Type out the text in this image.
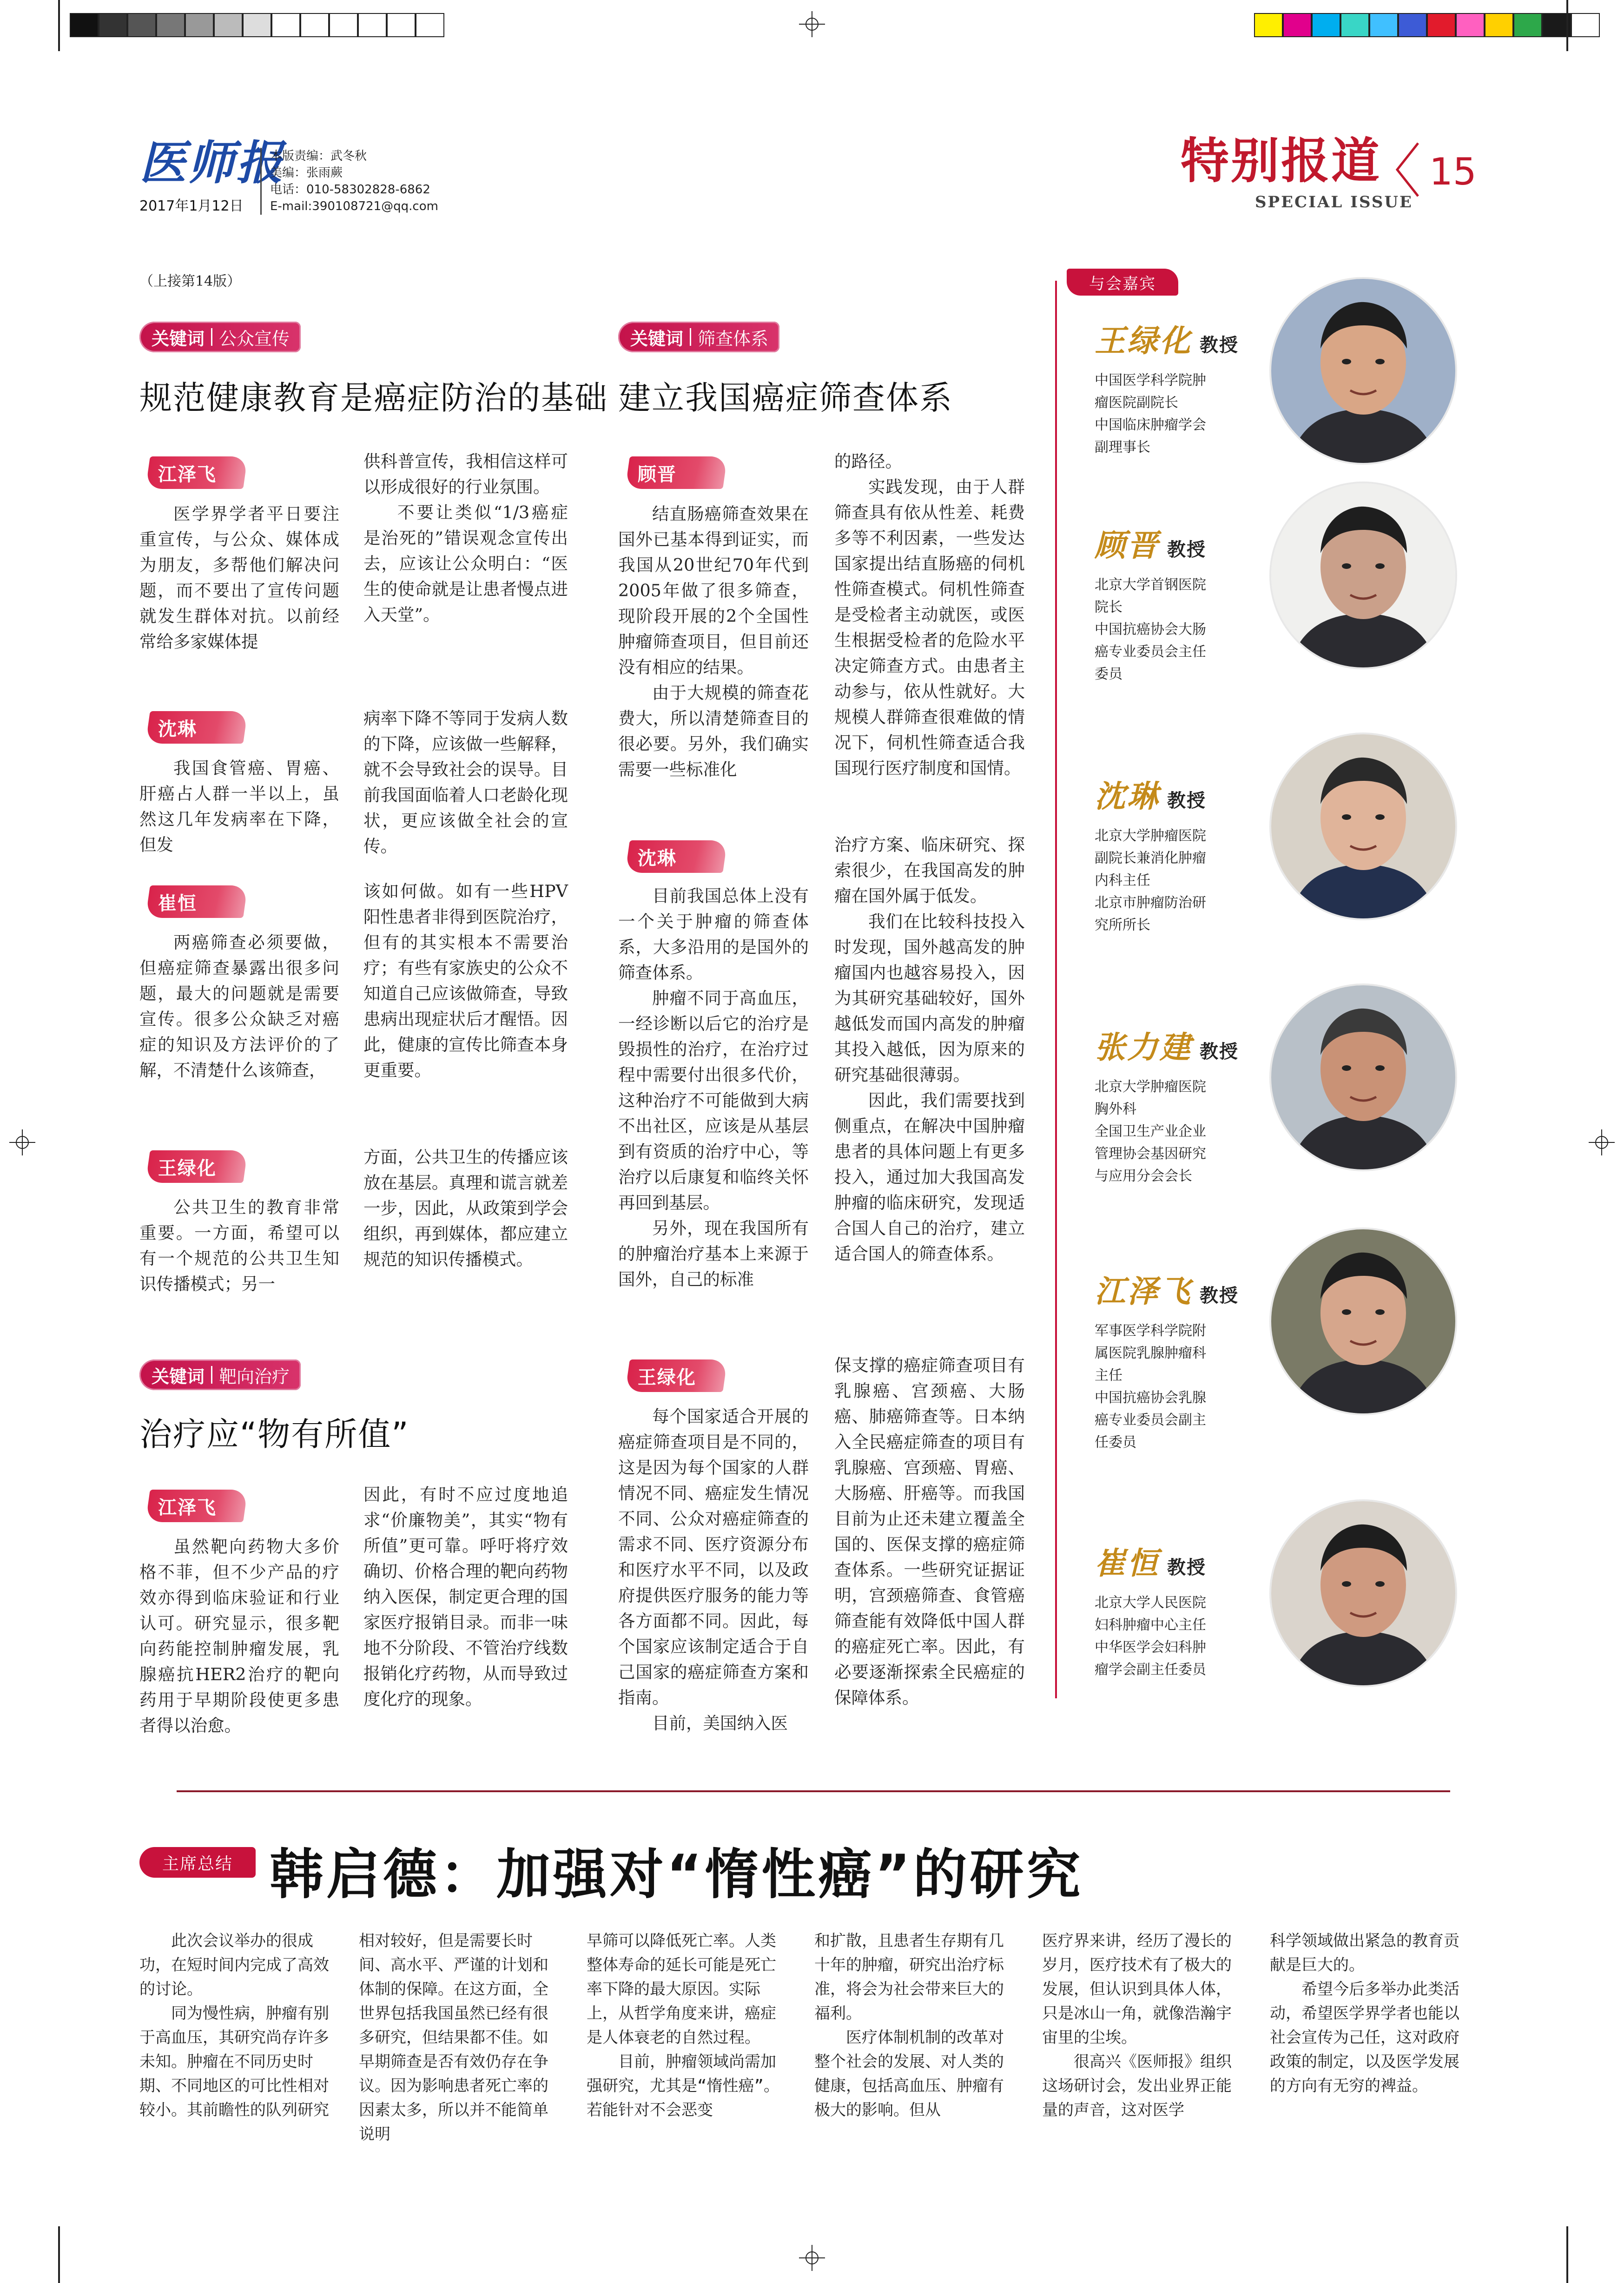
医师报
2017年1月12日
本版责编：武冬秋
美编：张雨蕨
电话：010-58302828-6862
E-mail:390108721@qq.com
特别报道
SPECIAL ISSUE
15
（上接第14版）
关键词 公众宣传
规范健康教育是癌症防治的基础
江泽飞

医学界学者平日要注重宣传，与公众、媒体成为朋友，多帮他们解决问题，而不要出了宣传问题就发生群体对抗。以前经常给多家媒体提

供科普宣传，我相信这样可以形成很好的行业氛围。

不要让类似“1/3癌症是治死的”错误观念宣传出去，应该让公众明白：“医生的使命就是让患者慢点进入天堂”。

沈琳

我国食管癌、胃癌、肝癌占人群一半以上，虽然这几年发病率在下降，但发

病率下降不等同于发病人数的下降，应该做一些解释，就不会导致社会的误导。目前我国面临着人口老龄化现状，更应该做全社会的宣传。

崔恒

两癌筛查必须要做，但癌症筛查暴露出很多问题，最大的问题就是需要宣传。很多公众缺乏对癌症的知识及方法评价的了解，不清楚什么该筛查，

该如何做。如有一些HPV阳性患者非得到医院治疗，但有的其实根本不需要治疗；有些有家族史的公众不知道自己应该做筛查，导致患病出现症状后才醒悟。因此，健康的宣传比筛查本身更重要。

王绿化

公共卫生的教育非常重要。一方面，希望可以有一个规范的公共卫生知识传播模式；另一

方面，公共卫生的传播应该放在基层。真理和谎言就差一步，因此，从政策到学会组织，再到媒体，都应建立规范的知识传播模式。

关键词 靶向治疗
治疗应“物有所值”
江泽飞

虽然靶向药物大多价格不菲，但不少产品的疗效亦得到临床验证和行业认可。研究显示，很多靶向药能控制肿瘤发展，乳腺癌抗HER2治疗的靶向药用于早期阶段使更多患者得以治愈。

因此，有时不应过度地追求“价廉物美”，其实“物有所值”更可靠。呼吁将疗效确切、价格合理的靶向药物纳入医保，制定更合理的国家医疗报销目录。而非一味地不分阶段、不管治疗线数报销化疗药物，从而导致过度化疗的现象。

关键词 筛查体系
建立我国癌症筛查体系
顾晋

结直肠癌筛查效果在国外已基本得到证实，而我国从20世纪70年代到2005年做了很多筛查，现阶段开展的2个全国性肿瘤筛查项目，但目前还没有相应的结果。

由于大规模的筛查花费大，所以清楚筛查目的很必要。另外，我们确实需要一些标准化

的路径。

实践发现，由于人群筛查具有依从性差、耗费多等不利因素，一些发达国家提出结直肠癌的伺机性筛查模式。伺机性筛查是受检者主动就医，或医生根据受检者的危险水平决定筛查方式。由患者主动参与，依从性就好。大规模人群筛查很难做的情况下，伺机性筛查适合我国现行医疗制度和国情。

沈琳

目前我国总体上没有一个关于肿瘤的筛查体系，大多沿用的是国外的筛查体系。

肿瘤不同于高血压，一经诊断以后它的治疗是毁损性的治疗，在治疗过程中需要付出很多代价，这种治疗不可能做到大病不出社区，应该是从基层到有资质的治疗中心，等治疗以后康复和临终关怀再回到基层。

另外，现在我国所有的肿瘤治疗基本上来源于国外，自己的标准

治疗方案、临床研究、探索很少，在我国高发的肿瘤在国外属于低发。

我们在比较科技投入时发现，国外越高发的肿瘤国内也越容易投入，因为其研究基础较好，国外越低发而国内高发的肿瘤其投入越低，因为原来的研究基础很薄弱。

因此，我们需要找到侧重点，在解决中国肿瘤患者的具体问题上有更多投入，通过加大我国高发肿瘤的临床研究，发现适合国人自己的治疗，建立适合国人的筛查体系。

王绿化

每个国家适合开展的癌症筛查项目是不同的，这是因为每个国家的人群情况不同、癌症发生情况不同、公众对癌症筛查的需求不同、医疗资源分布和医疗水平不同，以及政府提供医疗服务的能力等各方面都不同。因此，每个国家应该制定适合于自己国家的癌症筛查方案和指南。

目前，美国纳入医

保支撑的癌症筛查项目有乳腺癌、宫颈癌、大肠癌、肺癌筛查等。日本纳入全民癌症筛查的项目有乳腺癌、宫颈癌、胃癌、大肠癌、肝癌等。而我国目前为止还未建立覆盖全国的、医保支撑的癌症筛查体系。一些研究证据证明，宫颈癌筛查、食管癌筛查能有效降低中国人群的癌症死亡率。因此，有必要逐渐探索全民癌症的保障体系。

与会嘉宾
王绿化 教授
中国医学科学院肿
瘤医院副院长
中国临床肿瘤学会
副理事长
顾晋 教授
北京大学首钢医院
院长
中国抗癌协会大肠
癌专业委员会主任
委员
沈琳 教授
北京大学肿瘤医院
副院长兼消化肿瘤
内科主任
北京市肿瘤防治研
究所所长
张力建 教授
北京大学肿瘤医院
胸外科
全国卫生产业企业
管理协会基因研究
与应用分会会长
江泽飞 教授
军事医学科学院附
属医院乳腺肿瘤科
主任
中国抗癌协会乳腺
癌专业委员会副主
任委员
崔恒 教授
北京大学人民医院
妇科肿瘤中心主任
中华医学会妇科肿
瘤学会副主任委员
主席总结 韩启德：加强对“惰性癌”的研究

此次会议举办的很成功，在短时间内完成了高效的讨论。

同为慢性病，肿瘤有别于高血压，其研究尚存许多未知。肿瘤在不同历史时期、不同地区的可比性相对较小。其前瞻性的队列研究

相对较好，但是需要长时间、高水平、严谨的计划和体制的保障。在这方面，全世界包括我国虽然已经有很多研究，但结果都不佳。如早期筛查是否有效仍存在争议。因为影响患者死亡率的因素太多，所以并不能简单说明

早筛可以降低死亡率。人类整体寿命的延长可能是死亡率下降的最大原因。实际上，从哲学角度来讲，癌症是人体衰老的自然过程。

目前，肿瘤领域尚需加强研究，尤其是“惰性癌”。若能针对不会恶变

和扩散，且患者生存期有几十年的肿瘤，研究出治疗标准，将会为社会带来巨大的福利。

医疗体制机制的改革对整个社会的发展、对人类的健康，包括高血压、肿瘤有极大的影响。但从

医疗界来讲，经历了漫长的岁月，医疗技术有了极大的发展，但认识到具体人体，只是冰山一角，就像浩瀚宇宙里的尘埃。

很高兴《医师报》组织这场研讨会，发出业界正能量的声音，这对医学

科学领域做出紧急的教育贡献是巨大的。

希望今后多举办此类活动，希望医学界学者也能以社会宣传为己任，这对政府政策的制定，以及医学发展的方向有无穷的裨益。
